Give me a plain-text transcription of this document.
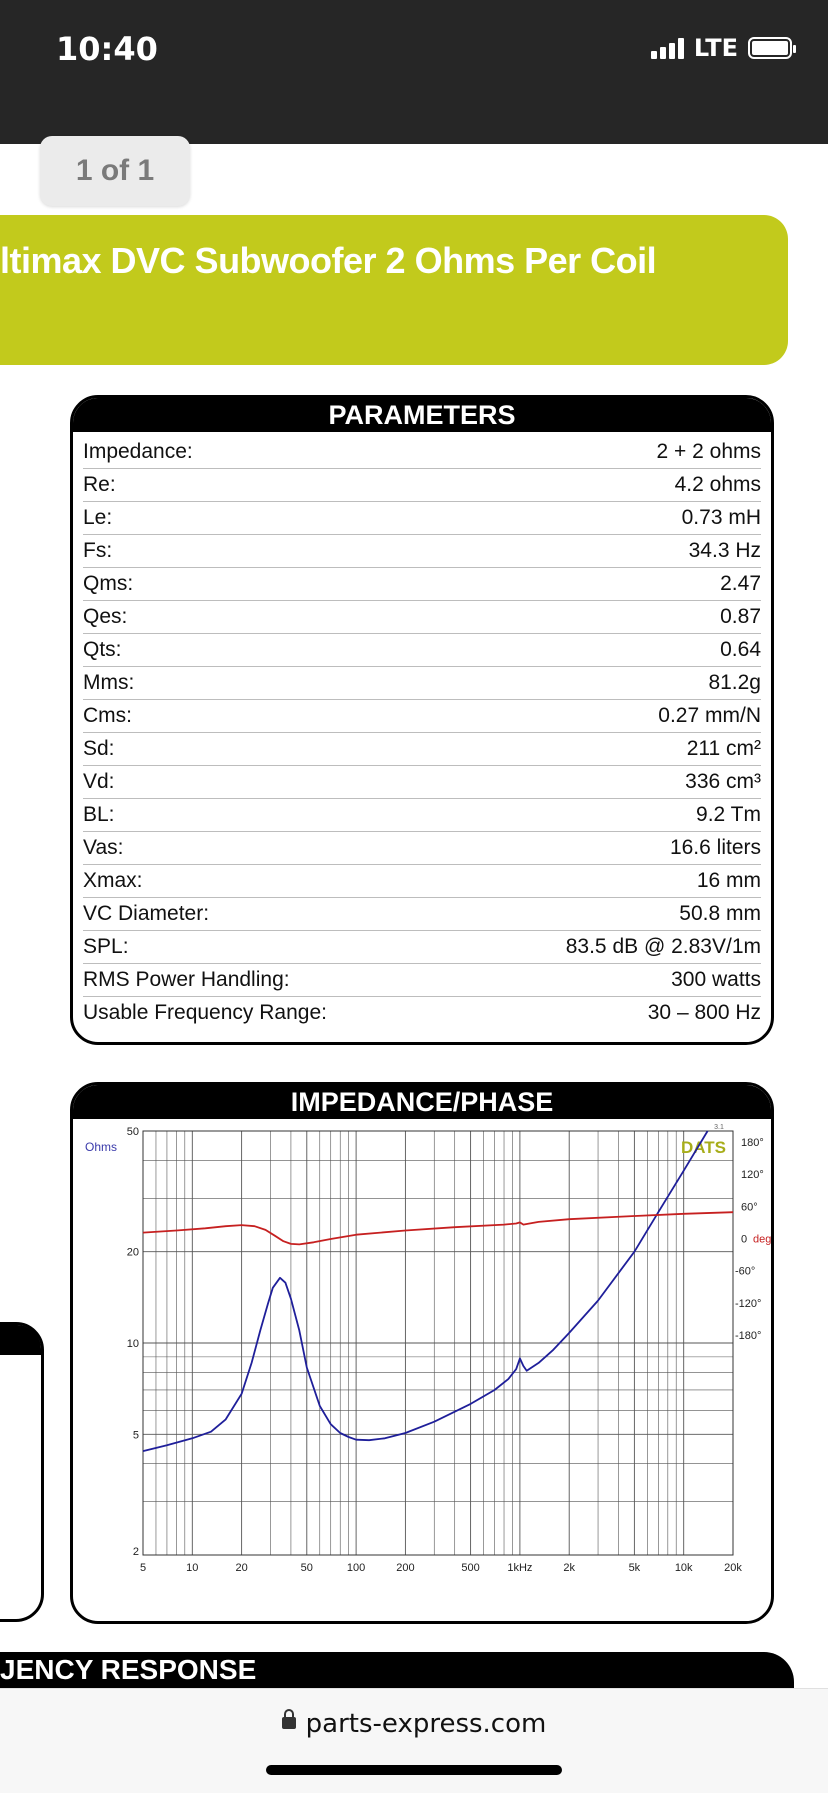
10:40	LTE
1 of 1
ltimax DVC Subwoofer 2 Ohms Per Coil
PARAMETERS
Impedance:	2 + 2 ohms
Re:	4.2 ohms
Le:	0.73 mH
Fs:	34.3 Hz
Qms:	2.47
Qes:	0.87
Qts:	0.64
Mms:	81.2g
Cms:	0.27 mm/N
Sd:	211 cm²
Vd:	336 cm³
BL:	9.2 Tm
Vas:	16.6 liters
Xmax:	16 mm
VC Diameter:	50.8 mm
SPL:	83.5 dB @ 2.83V/1m
RMS Power Handling:	300 watts
Usable Frequency Range:	30 – 800 Hz
IMPEDANCE/PHASE
5	10	20	50	100	200	500	1kHz	2k	5k	10k	20k
2
5
10
20
50
Ohms	180°
120°
60°
0 deg
-60°
-120°
-180°
DATS
3.1
JENCY RESPONSE
parts-express.com
